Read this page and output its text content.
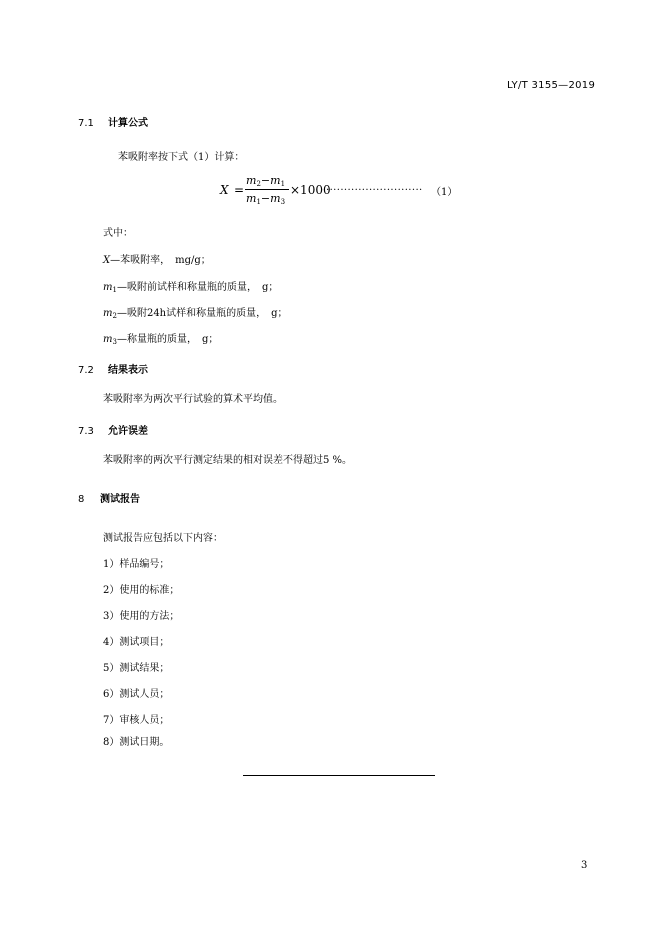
LY/T 3155—2019
7.1 计算公式
苯吸附率按下式（1）计算：
X =
$m_2-m_1$
$m_1-m_3$
×1000
........................... （1）
式中：
X—苯吸附率，　mg/g；
$m_1—$吸附前试样和称量瓶的质量，　g；
$m_2—$吸附24h试样和称量瓶的质量，　g；
$m_3—$称量瓶的质量，　g；
7.2 结果表示
苯吸附率为两次平行试验的算术平均值。
7.3 允许误差
苯吸附率的两次平行测定结果的相对误差不得超过5 %。
8 测试报告
测试报告应包括以下内容：
1）样品编号；
2）使用的标准；
3）使用的方法；
4）测试项目；
5）测试结果；
6）测试人员；
7）审核人员；
8）测试日期。
3
